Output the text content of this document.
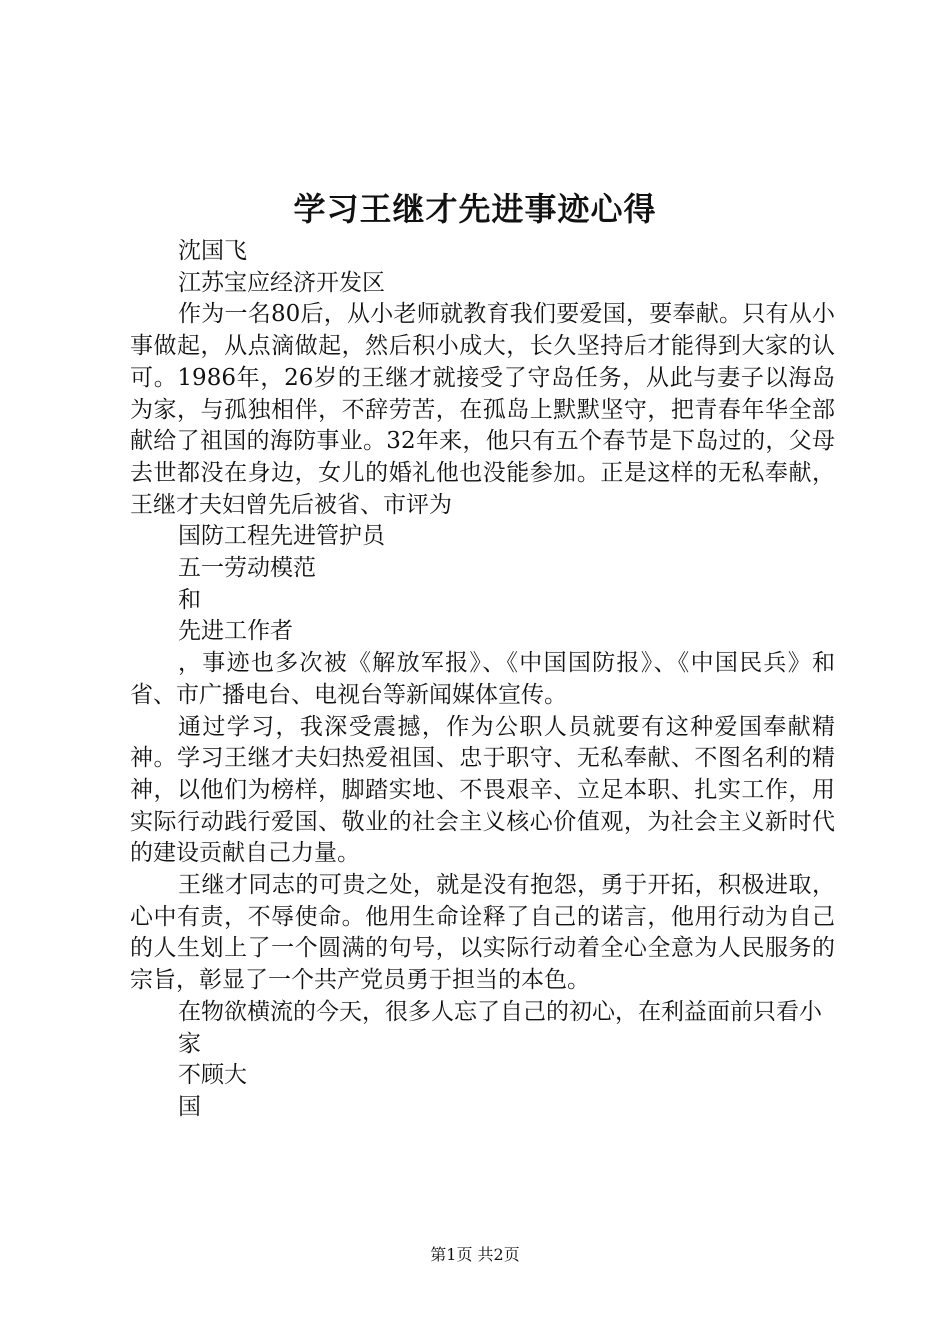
学习王继才先进事迹心得

沈国飞

江苏宝应经济开发区

作为一名80后，从小老师就教育我们要爱国，要奉献。只有从小事做起，从点滴做起，然后积小成大，长久坚持后才能得到大家的认可。1986年，26岁的王继才就接受了守岛任务，从此与妻子以海岛为家，与孤独相伴，不辞劳苦，在孤岛上默默坚守，把青春年华全部献给了祖国的海防事业。32年来，他只有五个春节是下岛过的，父母去世都没在身边，女儿的婚礼他也没能参加。正是这样的无私奉献，王继才夫妇曾先后被省、市评为

国防工程先进管护员

五一劳动模范

和

先进工作者

，事迹也多次被《解放军报》、《中国国防报》、《中国民兵》和省、市广播电台、电视台等新闻媒体宣传。

通过学习，我深受震撼，作为公职人员就要有这种爱国奉献精神。学习王继才夫妇热爱祖国、忠于职守、无私奉献、不图名利的精神，以他们为榜样，脚踏实地、不畏艰辛、立足本职、扎实工作，用实际行动践行爱国、敬业的社会主义核心价值观，为社会主义新时代的建设贡献自己力量。

王继才同志的可贵之处，就是没有抱怨，勇于开拓，积极进取，心中有责，不辱使命。他用生命诠释了自己的诺言，他用行动为自己的人生划上了一个圆满的句号，以实际行动着全心全意为人民服务的宗旨，彰显了一个共产党员勇于担当的本色。

在物欲横流的今天，很多人忘了自己的初心，在利益面前只看小

家

不顾大

国

第1页 共2页
